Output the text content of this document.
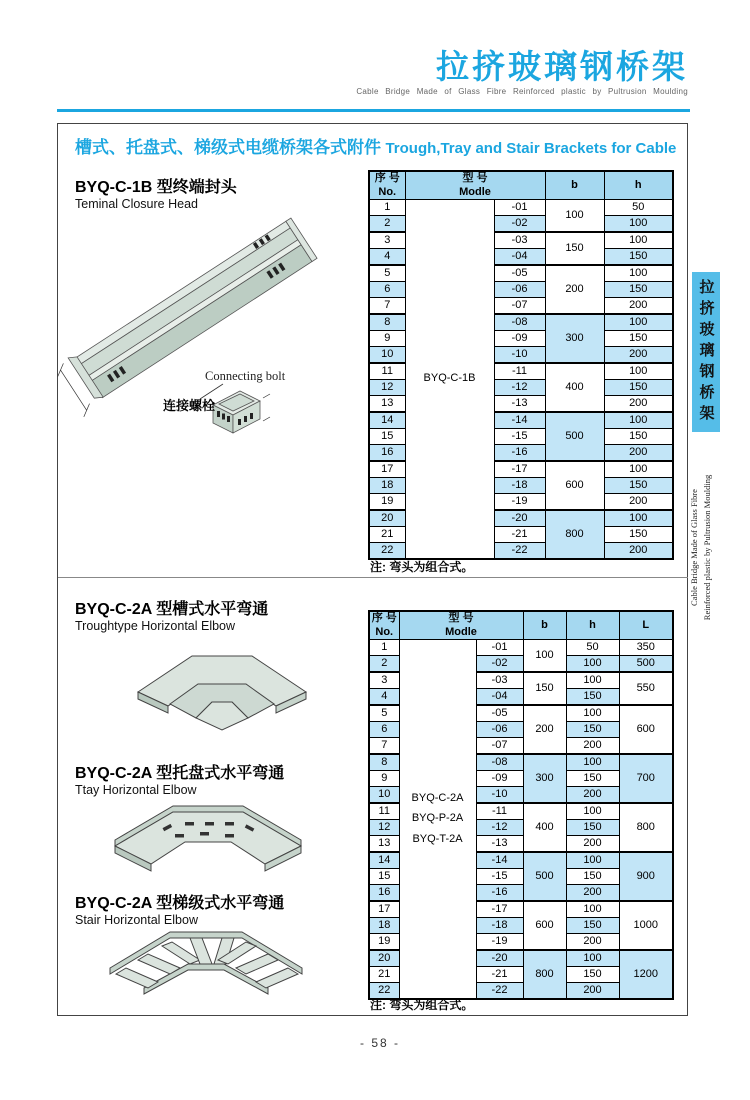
拉挤玻璃钢桥架
Cable Bridge Made of Glass Fibre Reinforced plastic by Pultrusion Moulding
槽式、托盘式、梯级式电缆桥架各式附件 Trough,Tray and Stair Brackets for Cable
BYQ-C-1B 型终端封头
Teminal Closure Head
Connecting bolt
连接螺栓
序 号
No.

型 号
Modle
	b	h
1	BYQ-C-1B	-01	100	50
2		-02		100
3		-03	150	100
4		-04		150
5		-05	200	100
6		-06		150
7		-07		200
8		-08	300	100
9		-09		150
10		-10		200
11		-11	400	100
12		-12		150
13		-13		200
14		-14	500	100
15		-15		150
16		-16		200
17		-17	600	100
18		-18		150
19		-19		200
20		-20	800	100
21		-21		150
22		-22		200
注: 弯头为组合式。
BYQ-C-2A 型槽式水平弯通
Troughtype Horizontal Elbow
BYQ-C-2A 型托盘式水平弯通
Ttay Horizontal Elbow
BYQ-C-2A 型梯级式水平弯通
Stair Horizontal Elbow
序 号
No.

型 号
Modle
	b	h	L
1	BYQ-C-2A
BYQ-P-2A
BYQ-T-2A	-01	100	50	350
2		-02		100	500
3		-03	150	100	550
4		-04		150	
5		-05	200	100	600
6		-06		150	
7		-07		200	
8		-08	300	100	700
9		-09		150	
10		-10		200	
11		-11	400	100	800
12		-12		150	
13		-13		200	
14		-14	500	100	900
15		-15		150	
16		-16		200	
17		-17	600	100	1000
18		-18		150	
19		-19		200	
20		-20	800	100	1200
21		-21		150	
22		-22		200	
注: 弯头为组合式。
- 58 -
拉挤玻璃钢桥架
Cable Bridge Made of Glass Fibre Reinforced plastic by Pultrusion Moulding
